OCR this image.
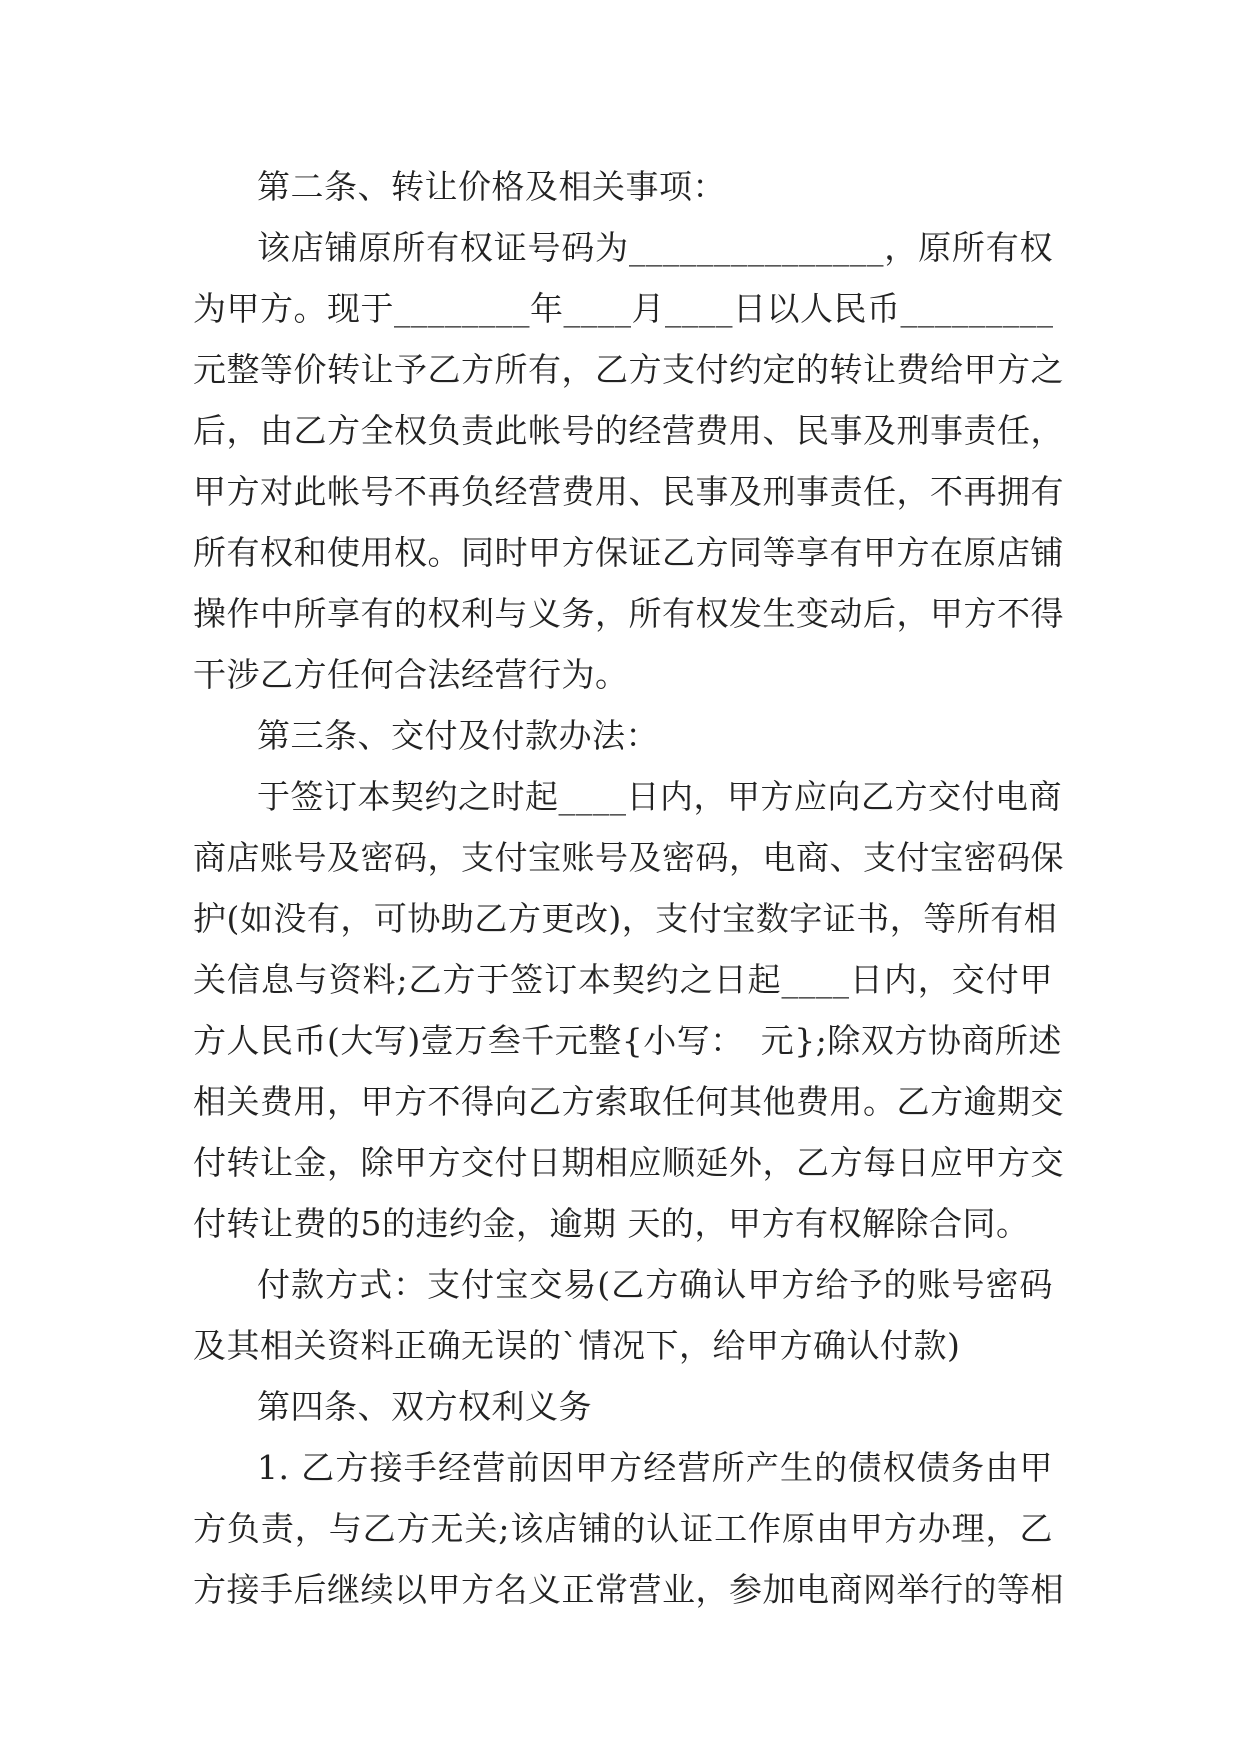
第二条、转让价格及相关事项：
该店铺原所有权证号码为_______________，原所有权
为甲方。现于________年____月____日以人民币_________
元整等价转让予乙方所有，乙方支付约定的转让费给甲方之
后，由乙方全权负责此帐号的经营费用、民事及刑事责任，
甲方对此帐号不再负经营费用、民事及刑事责任，不再拥有
所有权和使用权。同时甲方保证乙方同等享有甲方在原店铺
操作中所享有的权利与义务，所有权发生变动后，甲方不得
干涉乙方任何合法经营行为。
第三条、交付及付款办法：
于签订本契约之时起____日内，甲方应向乙方交付电商
商店账号及密码，支付宝账号及密码，电商、支付宝密码保
护(如没有，可协助乙方更改)，支付宝数字证书，等所有相
关信息与资料;乙方于签订本契约之日起____日内，交付甲
方人民币(大写)壹万叁千元整{小写：　元};除双方协商所述
相关费用，甲方不得向乙方索取任何其他费用。乙方逾期交
付转让金，除甲方交付日期相应顺延外，乙方每日应甲方交
付转让费的5的违约金，逾期 天的，甲方有权解除合同。
付款方式：支付宝交易(乙方确认甲方给予的账号密码
及其相关资料正确无误的`情况下，给甲方确认付款)
第四条、双方权利义务
1. 乙方接手经营前因甲方经营所产生的债权债务由甲
方负责，与乙方无关;该店铺的认证工作原由甲方办理，乙
方接手后继续以甲方名义正常营业，参加电商网举行的等相
